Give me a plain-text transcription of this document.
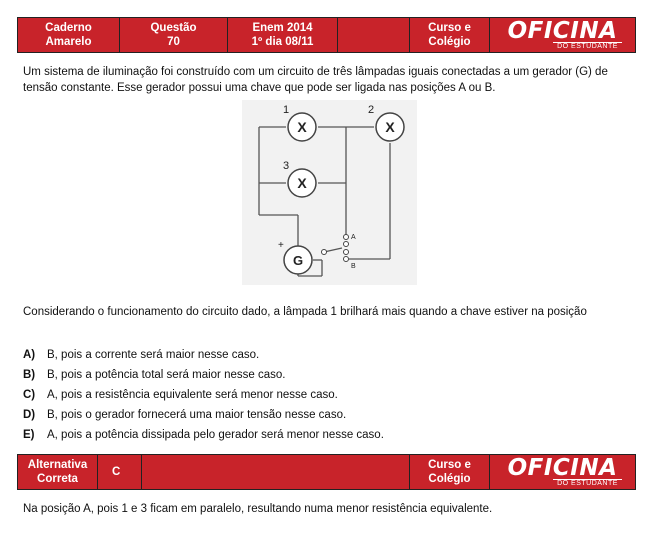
Caderno
Amarelo
Questão
70
Enem 2014
1º dia 08/11
Curso e
Colégio OFICINA
DO ESTUDANTE
Um sistema de iluminação foi construído com um circuito de três lâmpadas iguais conectadas a um gerador (G) de tensão constante. Esse gerador possui uma chave que pode ser ligada nas posições A ou B.
X	X
X
G
1	2
3
+
A
B
Considerando o funcionamento do circuito dado, a lâmpada 1 brilhará mais quando a chave estiver na posição
A)	B, pois a corrente será maior nesse caso.
B)	B, pois a potência total será maior nesse caso.
C)	A, pois a resistência equivalente será menor nesse caso.
D)	B, pois o gerador fornecerá uma maior tensão nesse caso.
E)	A, pois a potência dissipada pelo gerador será menor nesse caso.
Alternativa
Correta
C
Curso e
Colégio OFICINA
DO ESTUDANTE
Na posição A, pois 1 e 3 ficam em paralelo, resultando numa menor resistência equivalente.
